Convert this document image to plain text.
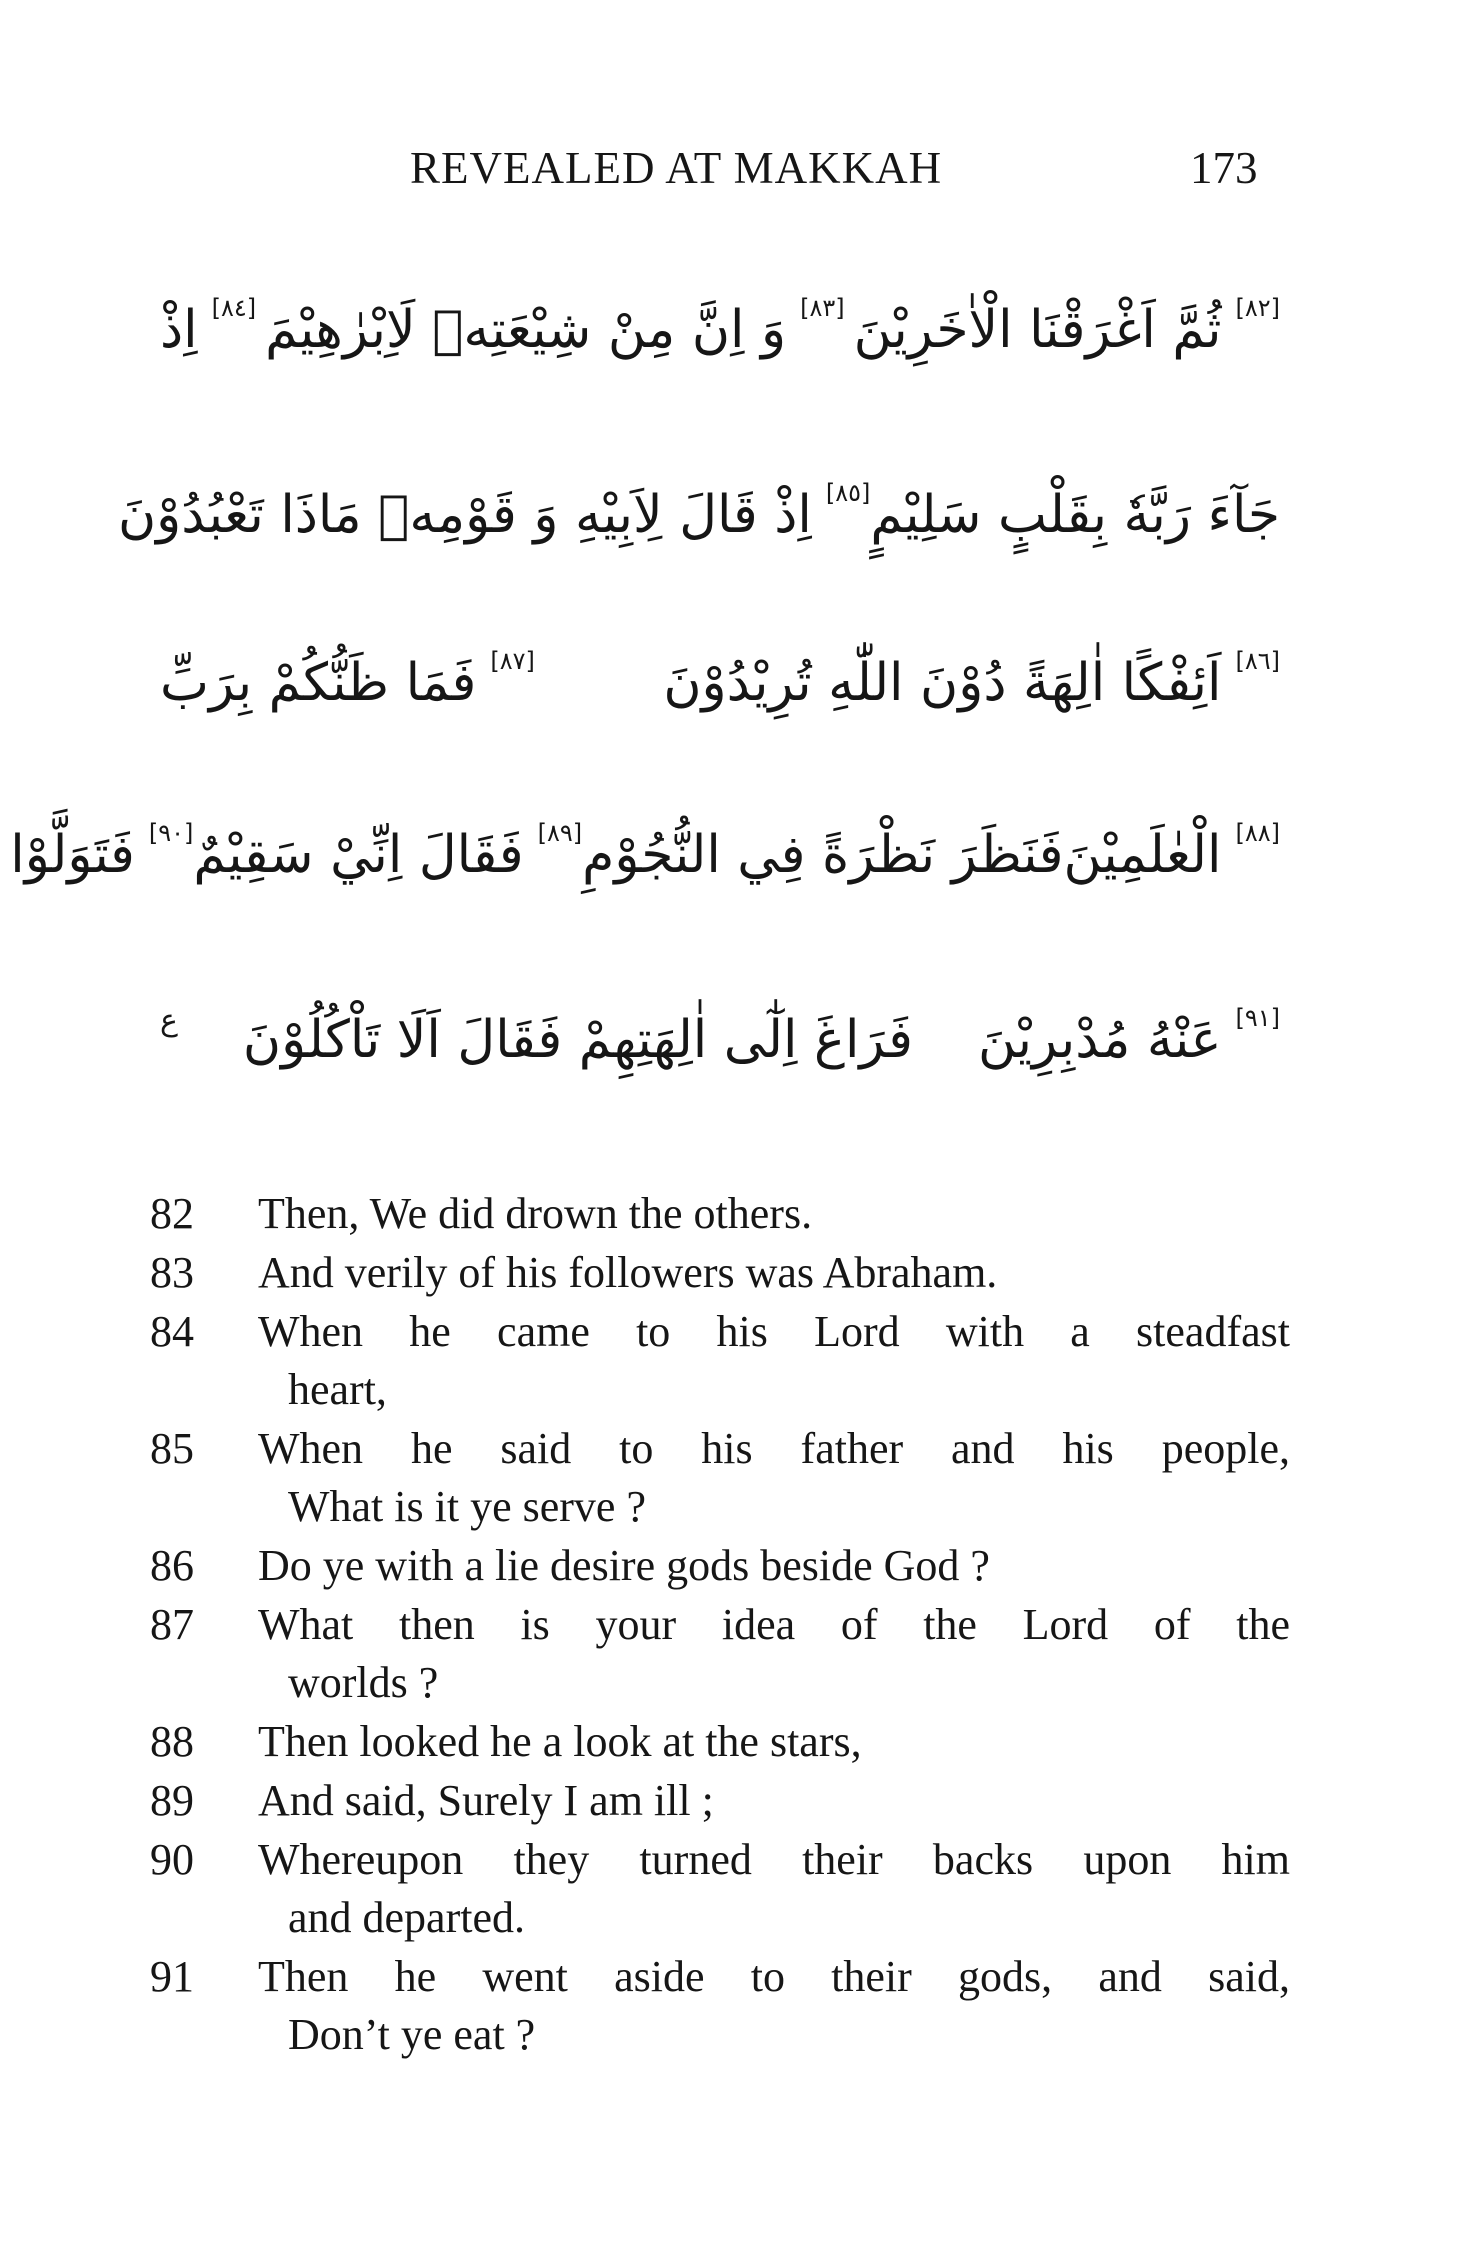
REVEALED AT MAKKAH	173
[٨٢]
ثُمَّ اَغْرَقْنَا الْاٰخَرِيْنَ
[٨٣]
وَ اِنَّ مِنْ شِيْعَتِهٖ لَاِبْرٰهِيْمَ
[٨٤]
اِذْ
جَآءَ رَبَّهٗ بِقَلْبٍ سَلِيْمٍ
[٨٥]
اِذْ قَالَ لِاَبِيْهِ وَ قَوْمِهٖ مَاذَا تَعْبُدُوْنَ
[٨٦]
اَئِفْكًا اٰلِهَةً دُوْنَ اللّٰهِ تُرِيْدُوْنَ
[٨٧]
فَمَا ظَنُّكُمْ بِرَبِّ
[٨٨]
الْعٰلَمِيْنَ
فَنَظَرَ نَظْرَةً فِي النُّجُوْمِ
[٨٩]
فَقَالَ اِنِّيْ سَقِيْمٌ
[٩٠]
فَتَوَلَّوْا
[٩١]
عَنْهُ مُدْبِرِيْنَ
فَرَاغَ اِلٰٓى اٰلِهَتِهِمْ فَقَالَ اَلَا تَاْكُلُوْنَ
ع
82	Then, We did drown the others.
83	And verily of his followers was Abraham.
84	When he came to his Lord with a steadfast
heart,
85	When he said to his father and his people,
What is it ye serve ?
86	Do ye with a lie desire gods beside God ?
87	What then is your idea of the Lord of the
worlds ?
88	Then looked he a look at the stars,
89	And said, Surely I am ill ;
90	Whereupon they turned their backs upon him
and departed.
91	Then he went aside to their gods, and said,
Don’t ye eat ?
